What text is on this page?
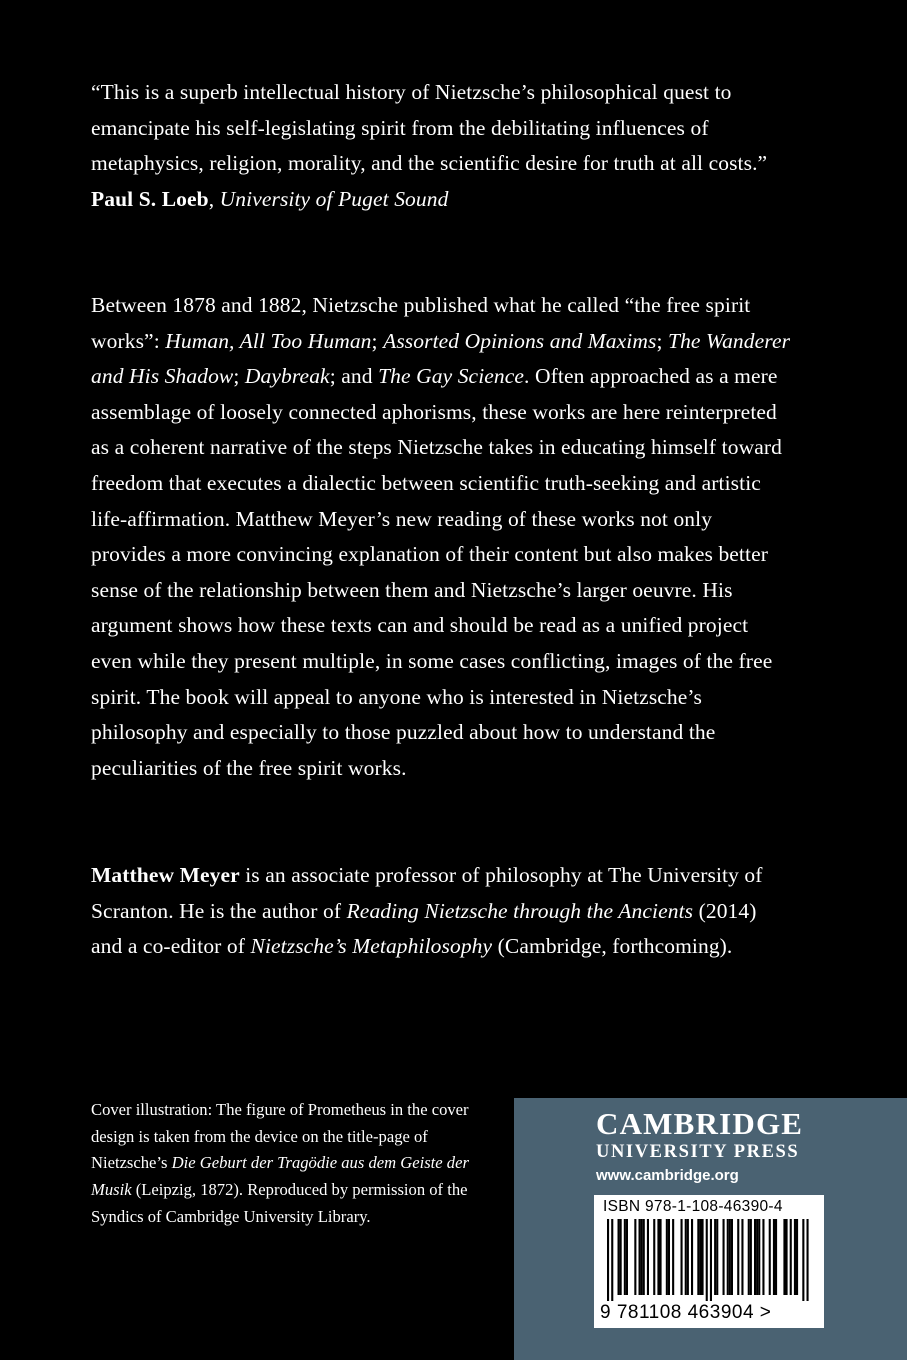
“This is a superb intellectual history of Nietzsche’s philosophical quest to emancipate his self-legislating spirit from the debilitating influences of metaphysics, religion, morality, and the scientific desire for truth at all costs.”
Paul S. Loeb, University of Puget Sound
Between 1878 and 1882, Nietzsche published what he called “the free spirit works”: Human, All Too Human; Assorted Opinions and Maxims; The Wanderer and His Shadow; Daybreak; and The Gay Science. Often approached as a mere assemblage of loosely connected aphorisms, these works are here reinterpreted as a coherent narrative of the steps Nietzsche takes in educating himself toward freedom that executes a dialectic between scientific truth-seeking and artistic life-affirmation. Matthew Meyer’s new reading of these works not only provides a more convincing explanation of their content but also makes better sense of the relationship between them and Nietzsche’s larger oeuvre. His argument shows how these texts can and should be read as a unified project even while they present multiple, in some cases conflicting, images of the free spirit. The book will appeal to anyone who is interested in Nietzsche’s philosophy and especially to those puzzled about how to understand the peculiarities of the free spirit works.
Matthew Meyer is an associate professor of philosophy at The University of Scranton. He is the author of Reading Nietzsche through the Ancients (2014) and a co-editor of Nietzsche’s Metaphilosophy (Cambridge, forthcoming).
Cover illustration: The figure of Prometheus in the cover design is taken from the device on the title-page of Nietzsche’s Die Geburt der Tragödie aus dem Geiste der Musik (Leipzig, 1872). Reproduced by permission of the Syndics of Cambridge University Library.
CAMBRIDGE
UNIVERSITY PRESS
www.cambridge.org
ISBN 978-1-108-46390-4
9 781108 463904 >
